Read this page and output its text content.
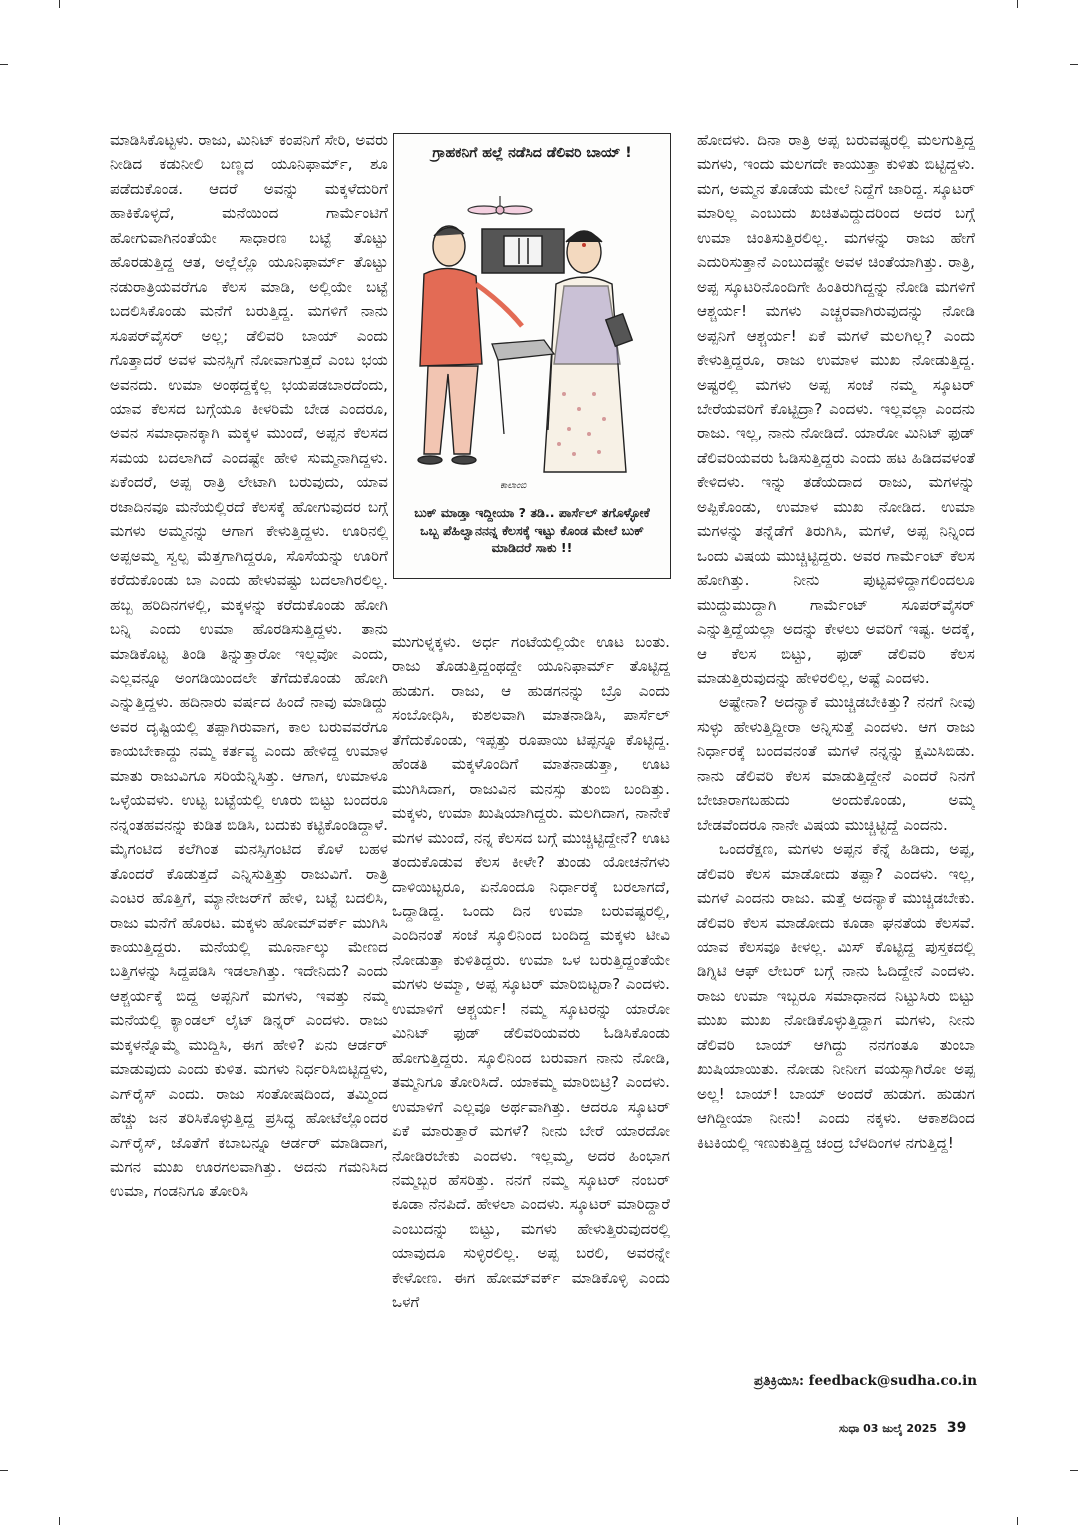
ಮಾಡಿಸಿಕೊಟ್ಟಳು. ರಾಜು, ಮಿನಿಟ್ ಕಂಪನಿಗೆ ಸೇರಿ, ಅವರು ನೀಡಿದ ಕಡುನೀಲಿ ಬಣ್ಣದ ಯೂನಿಫಾರ್ಮ್, ಶೂ ಪಡೆದುಕೊಂಡ. ಆದರೆ ಅವನ್ನು ಮಕ್ಕಳೆದುರಿಗೆ ಹಾಕಿಕೊಳ್ಳದೆ, ಮನೆಯಿಂದ ಗಾರ್ಮೆಂಟಿಗೆ ಹೋಗುವಾಗಿನಂತೆಯೇ ಸಾಧಾರಣ ಬಟ್ಟೆ ತೊಟ್ಟು ಹೊರಡುತ್ತಿದ್ದ ಆತ, ಅಲ್ಲೆಲ್ಲೊ ಯೂನಿಫಾರ್ಮ್ ತೊಟ್ಟು ನಡುರಾತ್ರಿಯವರೆಗೂ ಕೆಲಸ ಮಾಡಿ, ಅಲ್ಲಿಯೇ ಬಟ್ಟೆ ಬದಲಿಸಿಕೊಂಡು ಮನೆಗೆ ಬರುತ್ತಿದ್ದ. ಮಗಳಿಗೆ ನಾನು ಸೂಪರ್‌ವೈಸರ್ ಅಲ್ಲ; ಡೆಲಿವರಿ ಬಾಯ್ ಎಂದು ಗೊತ್ತಾದರೆ ಅವಳ ಮನಸ್ಸಿಗೆ ನೋವಾಗುತ್ತದೆ ಎಂಬ ಭಯ ಅವನದು. ಉಮಾ ಅಂಥದ್ದಕ್ಕೆಲ್ಲ ಭಯಪಡಬಾರದೆಂದು, ಯಾವ ಕೆಲಸದ ಬಗ್ಗೆಯೂ ಕೀಳರಿಮೆ ಬೇಡ ಎಂದರೂ, ಅವನ ಸಮಾಧಾನಕ್ಕಾಗಿ ಮಕ್ಕಳ ಮುಂದೆ, ಅಪ್ಪನ ಕೆಲಸದ ಸಮಯ ಬದಲಾಗಿದೆ ಎಂದಷ್ಟೇ ಹೇಳಿ ಸುಮ್ಮನಾಗಿದ್ದಳು. ಏಕೆಂದರೆ, ಅಪ್ಪ ರಾತ್ರಿ ಲೇಟಾಗಿ ಬರುವುದು, ಯಾವ ರಜಾದಿನವೂ ಮನೆಯಲ್ಲಿರದೆ ಕೆಲಸಕ್ಕೆ ಹೋಗುವುದರ ಬಗ್ಗೆ ಮಗಳು ಅಮ್ಮನನ್ನು ಆಗಾಗ ಕೇಳುತ್ತಿದ್ದಳು. ಊರಿನಲ್ಲಿ ಅಪ್ಪಅಮ್ಮ ಸ್ವಲ್ಪ ಮೆತ್ತಗಾಗಿದ್ದರೂ, ಸೊಸೆಯನ್ನು ಊರಿಗೆ ಕರೆದುಕೊಂಡು ಬಾ ಎಂದು ಹೇಳುವಷ್ಟು ಬದಲಾಗಿರಲಿಲ್ಲ. ಹಬ್ಬ ಹರಿದಿನಗಳಲ್ಲಿ, ಮಕ್ಕಳನ್ನು ಕರೆದುಕೊಂಡು ಹೋಗಿ ಬನ್ನಿ ಎಂದು ಉಮಾ ಹೊರಡಿಸುತ್ತಿದ್ದಳು. ತಾನು ಮಾಡಿಕೊಟ್ಟ ತಿಂಡಿ ತಿನ್ನುತ್ತಾರೋ ಇಲ್ಲವೋ ಎಂದು, ಎಲ್ಲವನ್ನೂ ಅಂಗಡಿಯಿಂದಲೇ ತೆಗೆದುಕೊಂಡು ಹೋಗಿ ಎನ್ನುತ್ತಿದ್ದಳು. ಹದಿನಾರು ವರ್ಷದ ಹಿಂದೆ ನಾವು ಮಾಡಿದ್ದು ಅವರ ದೃಷ್ಟಿಯಲ್ಲಿ ತಪ್ಪಾಗಿರುವಾಗ, ಕಾಲ ಬರುವವರೆಗೂ ಕಾಯಬೇಕಾದ್ದು ನಮ್ಮ ಕರ್ತವ್ಯ ಎಂದು ಹೇಳಿದ್ದ ಉಮಾಳ ಮಾತು ರಾಜುವಿಗೂ ಸರಿಯೆನ್ನಿಸಿತ್ತು. ಆಗಾಗ, ಉಮಾಳೂ ಒಳ್ಳೆಯವಳು. ಉಟ್ಟ ಬಟ್ಟೆಯಲ್ಲಿ ಊರು ಬಿಟ್ಟು ಬಂದರೂ ನನ್ನಂತಹವನನ್ನು ಕುಡಿತ ಬಿಡಿಸಿ, ಬದುಕು ಕಟ್ಟಿಕೊಂಡಿದ್ದಾಳೆ. ಮೈಗಂಟಿದ ಕಲೆಗಿಂತ ಮನಸ್ಸಿಗಂಟಿದ ಕೊಳೆ ಬಹಳ ತೊಂದರೆ ಕೊಡುತ್ತದೆ ಎನ್ನಿಸುತ್ತಿತ್ತು ರಾಜುವಿಗೆ. ರಾತ್ರಿ ಎಂಟರ ಹೊತ್ತಿಗೆ, ಮ್ಯಾನೇಜರ್‌ಗೆ ಹೇಳಿ, ಬಟ್ಟೆ ಬದಲಿಸಿ, ರಾಜು ಮನೆಗೆ ಹೊರಟ. ಮಕ್ಕಳು ಹೋಮ್‌ವರ್ಕ್ ಮುಗಿಸಿ ಕಾಯುತ್ತಿದ್ದರು. ಮನೆಯಲ್ಲಿ ಮೂರ್ನಾಲ್ಕು ಮೇಣದ ಬತ್ತಿಗಳನ್ನು ಸಿದ್ದಪಡಿಸಿ ಇಡಲಾಗಿತ್ತು. ಇದೇನಿದು? ಎಂದು ಆಶ್ಚರ್ಯಕ್ಕೆ ಬಿದ್ದ ಅಪ್ಪನಿಗೆ ಮಗಳು, ಇವತ್ತು ನಮ್ಮ ಮನೆಯಲ್ಲಿ ಕ್ಯಾಂಡಲ್ ಲೈಟ್ ಡಿನ್ನರ್ ಎಂದಳು. ರಾಜು ಮಕ್ಕಳನ್ನೊಮ್ಮೆ ಮುದ್ದಿಸಿ, ಈಗ ಹೇಳಿ? ಏನು ಆರ್ಡರ್ ಮಾಡುವುದು ಎಂದು ಕುಳಿತ. ಮಗಳು ನಿರ್ಧರಿಸಿಬಿಟ್ಟಿದ್ದಳು, ಎಗ್‌ರೈಸ್ ಎಂದು. ರಾಜು ಸಂತೋಷದಿಂದ, ತಮ್ಮಿಂದ ಹೆಚ್ಚು ಜನ ತರಿಸಿಕೊಳ್ಳುತ್ತಿದ್ದ ಪ್ರಸಿದ್ಧ ಹೋಟೆಲ್ಲೊಂದರ ಎಗ್‌ರೈಸ್, ಜೊತೆಗೆ ಕಬಾಬನ್ನೂ ಆರ್ಡರ್ ಮಾಡಿದಾಗ, ಮಗನ ಮುಖ ಊರಗಲವಾಗಿತ್ತು. ಅದನು ಗಮನಿಸಿದ ಉಮಾ, ಗಂಡನಿಗೂ ತೋರಿಸಿ

ಗ್ರಾಹಕನಿಗೆ ಹಲ್ಲೆ ನಡೆಸಿದ ಡೆಲಿವರಿ ಬಾಯ್ !
ಕಾಲಾಂಬಿ
ಬುಕ್ ಮಾಡ್ತಾ ಇದ್ದೀಯಾ ? ತಡಿ.. ಪಾರ್ಸೆಲ್ ತಗೊಳ್ಳೋಕೆ ಒಬ್ಬ ಪೆಹಿಲ್ವಾನನನ್ನ ಕೆಲಸಕ್ಕೆ ಇಟ್ಟು ಕೊಂಡ ಮೇಲೆ ಬುಕ್ ಮಾಡಿದರೆ ಸಾಕು !!

ಮುಗುಳ್ನಕ್ಕಳು. ಅರ್ಧ ಗಂಟೆಯಲ್ಲಿಯೇ ಊಟ ಬಂತು. ರಾಜು ತೊಡುತ್ತಿದ್ದಂಥದ್ದೇ ಯೂನಿಫಾರ್ಮ್ ತೊಟ್ಟಿದ್ದ ಹುಡುಗ. ರಾಜು, ಆ ಹುಡಗನನ್ನು ಬ್ರೊ ಎಂದು ಸಂಬೋಧಿಸಿ, ಕುಶಲವಾಗಿ ಮಾತನಾಡಿಸಿ, ಪಾರ್ಸೆಲ್ ತೆಗೆದುಕೊಂಡು, ಇಪ್ಪತ್ತು ರೂಪಾಯಿ ಟಿಪ್ಪನ್ನೂ ಕೊಟ್ಟಿದ್ದ. ಹೆಂಡತಿ ಮಕ್ಕಳೊಂದಿಗೆ ಮಾತನಾಡುತ್ತಾ, ಊಟ ಮುಗಿಸಿದಾಗ, ರಾಜುವಿನ ಮನಸ್ಸು ತುಂಬಿ ಬಂದಿತ್ತು. ಮಕ್ಕಳು, ಉಮಾ ಖುಷಿಯಾಗಿದ್ದರು. ಮಲಗಿದಾಗ, ನಾನೇಕೆ ಮಗಳ ಮುಂದೆ, ನನ್ನ ಕೆಲಸದ ಬಗ್ಗೆ ಮುಚ್ಚಿಟ್ಟಿದ್ದೇನೆ? ಊಟ ತಂದುಕೊಡುವ ಕೆಲಸ ಕೀಳೇ? ತುಂಡು ಯೋಚನೆಗಳು ದಾಳಿಯಿಟ್ಟರೂ, ಏನೊಂದೂ ನಿರ್ಧಾರಕ್ಕೆ ಬರಲಾಗದೆ, ಒದ್ದಾಡಿದ್ದ. ಒಂದು ದಿನ ಉಮಾ ಬರುವಷ್ಟರಲ್ಲಿ, ಎಂದಿನಂತೆ ಸಂಜೆ ಸ್ಕೂಲಿನಿಂದ ಬಂದಿದ್ದ ಮಕ್ಕಳು ಟೀವಿ ನೋಡುತ್ತಾ ಕುಳಿತಿದ್ದರು. ಉಮಾ ಒಳ ಬರುತ್ತಿದ್ದಂತೆಯೇ ಮಗಳು ಅಮ್ಮಾ, ಅಪ್ಪ ಸ್ಕೂಟರ್ ಮಾರಿಬಿಟ್ಟರಾ? ಎಂದಳು. ಉಮಾಳಿಗೆ ಆಶ್ಚರ್ಯ! ನಮ್ಮ ಸ್ಕೂಟರನ್ನು ಯಾರೋ ಮಿನಿಟ್ ಫುಡ್ ಡೆಲಿವರಿಯವರು ಓಡಿಸಿಕೊಂಡು ಹೋಗುತ್ತಿದ್ದರು. ಸ್ಕೂಲಿನಿಂದ ಬರುವಾಗ ನಾನು ನೋಡಿ, ತಮ್ಮನಿಗೂ ತೋರಿಸಿದೆ. ಯಾಕಮ್ಮ ಮಾರಿಬಿಟ್ರಿ? ಎಂದಳು. ಉಮಾಳಿಗೆ ಎಲ್ಲವೂ ಅರ್ಥವಾಗಿತ್ತು. ಆದರೂ ಸ್ಕೂಟರ್ ಏಕೆ ಮಾರುತ್ತಾರೆ ಮಗಳೆ? ನೀನು ಬೇರೆ ಯಾರದೋ ನೋಡಿರಬೇಕು ಎಂದಳು. ಇಲ್ಲಮ್ಮ, ಅದರ ಹಿಂಭಾಗ ನಮ್ಮಬ್ಬರ ಹೆಸರಿತ್ತು. ನನಗೆ ನಮ್ಮ ಸ್ಕೂಟರ್ ನಂಬರ್ ಕೂಡಾ ನೆನಪಿದೆ. ಹೇಳಲಾ ಎಂದಳು. ಸ್ಕೂಟರ್ ಮಾರಿದ್ದಾರೆ ಎಂಬುದನ್ನು ಬಿಟ್ಟು, ಮಗಳು ಹೇಳುತ್ತಿರುವುದರಲ್ಲಿ ಯಾವುದೂ ಸುಳ್ಳಿರಲಿಲ್ಲ. ಅಪ್ಪ ಬರಲಿ, ಅವರನ್ನೇ ಕೇಳೋಣ. ಈಗ ಹೋಮ್‌ವರ್ಕ್ ಮಾಡಿಕೊಳ್ಳಿ ಎಂದು ಒಳಗೆ

ಹೋದಳು. ದಿನಾ ರಾತ್ರಿ ಅಪ್ಪ ಬರುವಷ್ಟರಲ್ಲಿ ಮಲಗುತ್ತಿದ್ದ ಮಗಳು, ಇಂದು ಮಲಗದೇ ಕಾಯುತ್ತಾ ಕುಳಿತು ಬಿಟ್ಟಿದ್ದಳು. ಮಗ, ಅಮ್ಮನ ತೊಡೆಯ ಮೇಲೆ ನಿದ್ದೆಗೆ ಜಾರಿದ್ದ. ಸ್ಕೂಟರ್ ಮಾರಿಲ್ಲ ಎಂಬುದು ಖಚಿತವಿದ್ದುದರಿಂದ ಅದರ ಬಗ್ಗೆ ಉಮಾ ಚಿಂತಿಸುತ್ತಿರಲಿಲ್ಲ. ಮಗಳನ್ನು ರಾಜು ಹೇಗೆ ಎದುರಿಸುತ್ತಾನೆ ಎಂಬುದಷ್ಟೇ ಅವಳ ಚಿಂತೆಯಾಗಿತ್ತು. ರಾತ್ರಿ, ಅಪ್ಪ ಸ್ಕೂಟರಿನೊಂದಿಗೇ ಹಿಂತಿರುಗಿದ್ದನ್ನು ನೋಡಿ ಮಗಳಿಗೆ ಆಶ್ಚರ್ಯ! ಮಗಳು ಎಚ್ಚರವಾಗಿರುವುದನ್ನು ನೋಡಿ ಅಪ್ಪನಿಗೆ ಆಶ್ಚರ್ಯ! ಏಕೆ ಮಗಳೆ ಮಲಗಿಲ್ಲ? ಎಂದು ಕೇಳುತ್ತಿದ್ದರೂ, ರಾಜು ಉಮಾಳ ಮುಖ ನೋಡುತ್ತಿದ್ದ. ಅಷ್ಟರಲ್ಲಿ ಮಗಳು ಅಪ್ಪ ಸಂಜೆ ನಮ್ಮ ಸ್ಕೂಟರ್ ಬೇರೆಯವರಿಗೆ ಕೊಟ್ಟಿದ್ರಾ? ಎಂದಳು. ಇಲ್ಲವಲ್ಲಾ ಎಂದನು ರಾಜು. ಇಲ್ಲ, ನಾನು ನೋಡಿದೆ. ಯಾರೋ ಮಿನಿಟ್ ಫುಡ್ ಡೆಲಿವರಿಯವರು ಓಡಿಸುತ್ತಿದ್ದರು ಎಂದು ಹಟ ಹಿಡಿದವಳಂತೆ ಕೇಳಿದಳು. ಇನ್ನು ತಡೆಯದಾದ ರಾಜು, ಮಗಳನ್ನು ಅಪ್ಪಿಕೊಂಡು, ಉಮಾಳ ಮುಖ ನೋಡಿದ. ಉಮಾ ಮಗಳನ್ನು ತನ್ನೆಡೆಗೆ ತಿರುಗಿಸಿ, ಮಗಳೆ, ಅಪ್ಪ ನಿನ್ನಿಂದ ಒಂದು ವಿಷಯ ಮುಚ್ಚಿಟ್ಟಿದ್ದರು. ಅವರ ಗಾರ್ಮೆಂಟ್ ಕೆಲಸ ಹೋಗಿತ್ತು. ನೀನು ಪುಟ್ಟವಳಿದ್ದಾಗಲಿಂದಲೂ ಮುದ್ದುಮುದ್ದಾಗಿ ಗಾರ್ಮೆಂಟ್ ಸೂಪರ್‌ವೈಸರ್ ಎನ್ನುತ್ತಿದ್ದೆಯಲ್ಲಾ ಅದನ್ನು ಕೇಳಲು ಅವರಿಗೆ ಇಷ್ಟ. ಅದಕ್ಕೆ, ಆ ಕೆಲಸ ಬಿಟ್ಟು, ಫುಡ್ ಡೆಲಿವರಿ ಕೆಲಸ ಮಾಡುತ್ತಿರುವುದನ್ನು ಹೇಳಿರಲಿಲ್ಲ, ಅಷ್ಟೆ ಎಂದಳು.

ಅಷ್ಟೇನಾ? ಅದನ್ಯಾಕೆ ಮುಚ್ಚಿಡಬೇಕಿತ್ತು? ನನಗೆ ನೀವು ಸುಳ್ಳು ಹೇಳುತ್ತಿದ್ದೀರಾ ಅನ್ನಿಸುತ್ತೆ ಎಂದಳು. ಆಗ ರಾಜು ನಿರ್ಧಾರಕ್ಕೆ ಬಂದವನಂತೆ ಮಗಳೆ ನನ್ನನ್ನು ಕ್ಷಮಿಸಿಬಿಡು. ನಾನು ಡೆಲಿವರಿ ಕೆಲಸ ಮಾಡುತ್ತಿದ್ದೇನೆ ಎಂದರೆ ನಿನಗೆ ಬೇಜಾರಾಗಬಹುದು ಅಂದುಕೊಂಡು, ಅಮ್ಮ ಬೇಡವೆಂದರೂ ನಾನೇ ವಿಷಯ ಮುಚ್ಚಿಟ್ಟಿದ್ದೆ ಎಂದನು.

ಒಂದರೆಕ್ಷಣ, ಮಗಳು ಅಪ್ಪನ ಕೆನ್ನೆ ಹಿಡಿದು, ಅಪ್ಪ, ಡೆಲಿವರಿ ಕೆಲಸ ಮಾಡೋದು ತಪ್ಪಾ? ಎಂದಳು. ಇಲ್ಲ, ಮಗಳೆ ಎಂದನು ರಾಜು. ಮತ್ತೆ ಅದನ್ಯಾಕೆ ಮುಚ್ಚಿಡಬೇಕು. ಡೆಲಿವರಿ ಕೆಲಸ ಮಾಡೋದು ಕೂಡಾ ಘನತೆಯ ಕೆಲಸವೆ. ಯಾವ ಕೆಲಸವೂ ಕೀಳಲ್ಲ. ಮಿಸ್ ಕೊಟ್ಟಿದ್ದ ಪುಸ್ತಕದಲ್ಲಿ ಡಿಗ್ನಿಟಿ ಆಫ್ ಲೇಬರ್ ಬಗ್ಗೆ ನಾನು ಓದಿದ್ದೇನೆ ಎಂದಳು. ರಾಜು ಉಮಾ ಇಬ್ಬರೂ ಸಮಾಧಾನದ ನಿಟ್ಟುಸಿರು ಬಿಟ್ಟು ಮುಖ ಮುಖ ನೋಡಿಕೊಳ್ಳುತ್ತಿದ್ದಾಗ ಮಗಳು, ನೀನು ಡೆಲಿವರಿ ಬಾಯ್ ಆಗಿದ್ದು ನನಗಂತೂ ತುಂಬಾ ಖುಷಿಯಾಯಿತು. ನೋಡು ನೀನೀಗ ವಯಸ್ಸಾಗಿರೋ ಅಪ್ಪ ಅಲ್ಲ! ಬಾಯ್! ಬಾಯ್ ಅಂದರೆ ಹುಡುಗ. ಹುಡುಗ ಆಗಿದ್ದೀಯಾ ನೀನು! ಎಂದು ನಕ್ಕಳು. ಆಕಾಶದಿಂದ ಕಿಟಕಿಯಲ್ಲಿ ಇಣುಕುತ್ತಿದ್ದ ಚಂದ್ರ ಬೆಳದಿಂಗಳ ನಗುತ್ತಿದ್ದ!

ಪ್ರತಿಕ್ರಿಯಿಸಿ: feedback@sudha.co.in
ಸುಧಾ 03 ಜುಲೈ 2025 39
